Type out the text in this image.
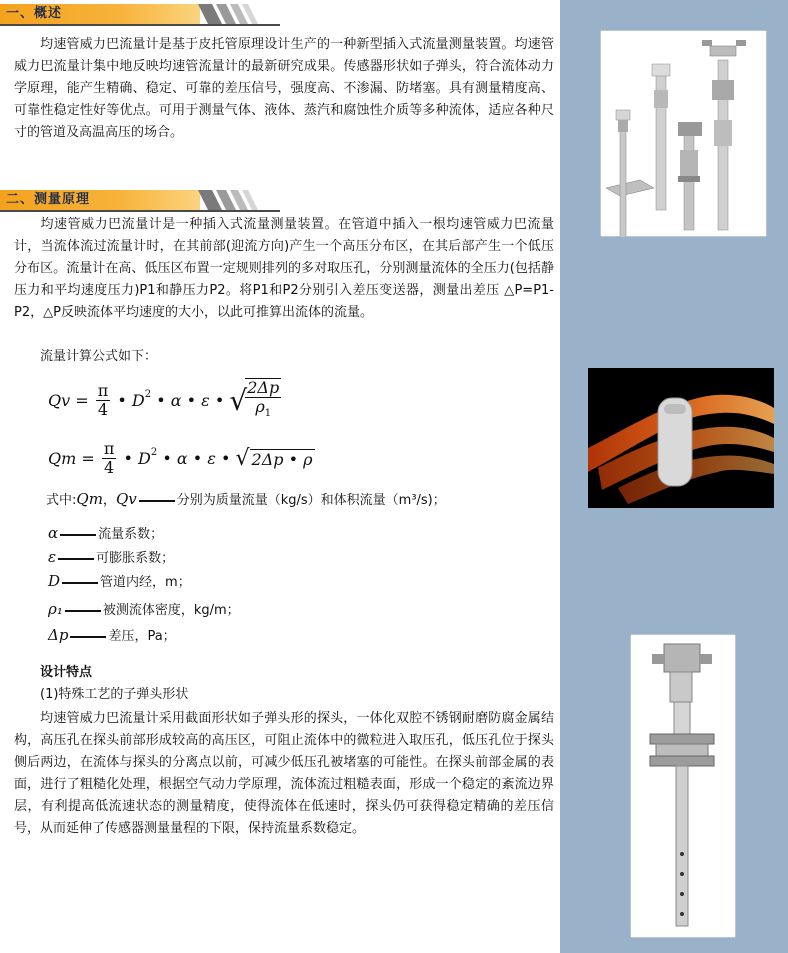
一、概述
均速管威力巴流量计是基于皮托管原理设计生产的一种新型插入式流量测量装置。均速管威力巴流量计集中地反映均速管流量计的最新研究成果。传感器形状如子弹头，符合流体动力学原理，能产生精确、稳定、可靠的差压信号，强度高、不渗漏、防堵塞。具有测量精度高、可靠性稳定性好等优点。可用于测量气体、液体、蒸汽和腐蚀性介质等多种流体，适应各种尺寸的管道及高温高压的场合。
二、测量原理
均速管威力巴流量计是一种插入式流量测量装置。在管道中插入一根均速管威力巴流量计，当流体流过流量计时，在其前部(迎流方向)产生一个高压分布区，在其后部产生一个低压分布区。流量计在高、低压区布置一定规则排列的多对取压孔，分别测量流体的全压力(包括静压力和平均速度压力)P1和静压力P2。将P1和P2分别引入差压变送器，测量出差压 △P=P1-P2，△P反映流体平均速度的大小，以此可推算出流体的流量。
流量计算公式如下：
$Qv = \frac{\pi}{4}$ • $D^2$ • α • ε • √
$\frac{2\Delta p}{\rho_1}$
$Qm = \frac{\pi}{4}$ • $D^2$ • α • ε • √ 2Δp • ρ
式中:Qm，Qv	分别为质量流量（kg/s）和体积流量（m³/s)；
α	流量系数；
ε	可膨胀系数；
D	管道内经，m；
ρ₁	被测流体密度，kg/m；
Δp	差压，Pa；
设计特点
(1)特殊工艺的子弹头形状
均速管威力巴流量计采用截面形状如子弹头形的探头，一体化双腔不锈钢耐磨防腐金属结构，高压孔在探头前部形成较高的高压区，可阻止流体中的微粒进入取压孔，低压孔位于探头侧后两边，在流体与探头的分离点以前，可减少低压孔被堵塞的可能性。在探头前部金属的表面，进行了粗糙化处理，根据空气动力学原理，流体流过粗糙表面，形成一个稳定的紊流边界层，有利提高低流速状态的测量精度，使得流体在低速时，探头仍可获得稳定精确的差压信号，从而延伸了传感器测量量程的下限，保持流量系数稳定。
